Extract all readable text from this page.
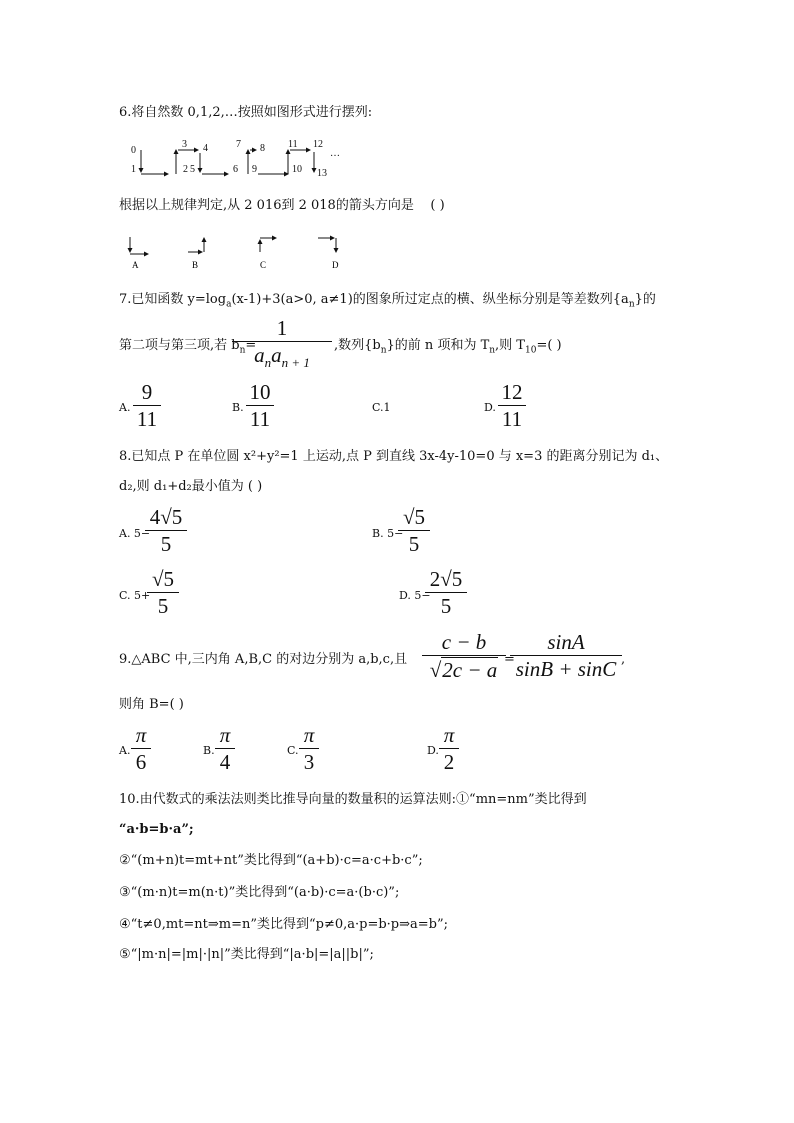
6.将自然数 0,1,2,…按照如图形式进行摆列:
0
1	2
3 4
5	6
7 8
9	10
11 12
13
…
根据以上规律判定,从 2 016到 2 018的箭头方向是 ( )
A	B	C	D
7.已知函数 $y=\log_a(x-1)+3(a>0$, a≠1)的图象所过定点的横、纵坐标分别是等差数列$\{a_n\}$的
第二项与第三项,若 $b_n=$
1
$a_na_{n + 1}$
,数列$\{b_n\}$的前 n 项和为 $T_n$,则 $T_{10}=$( )
A.
9
11	B.
10
11	C.1	D.
12
11
8.已知点 P 在单位圆 x²+y²=1 上运动,点 P 到直线 3x-4y-10=0 与 x=3 的距离分别记为 d₁、
d₂,则 d₁+d₂最小值为 ( )
A. 5−
4√5
5	B. 5−
√5
5
C. 5+
√5
5	D. 5−
2√5
5
9.△ABC 中,三内角 A,B,C 的对边分别为 a,b,c,且
c − b
√2c − a =
sinA
sinB + sinC ,
则角 B=( )
A.
π
6	B.
π
4	C.
π
3	D.
π
2
10.由代数式的乘法法则类比推导向量的数量积的运算法则:①“mn=nm”类比得到
“a·b=b·a”;
②“(m+n)t=mt+nt”类比得到“(a+b)·c=a·c+b·c”;
③“(m·n)t=m(n·t)”类比得到“(a·b)·c=a·(b·c)”;
④“t≠0,mt=nt⇒m=n”类比得到“p≠0,a·p=b·p⇒a=b”;
⑤“|m·n|=|m|·|n|”类比得到“|a·b|=|a||b|”;
